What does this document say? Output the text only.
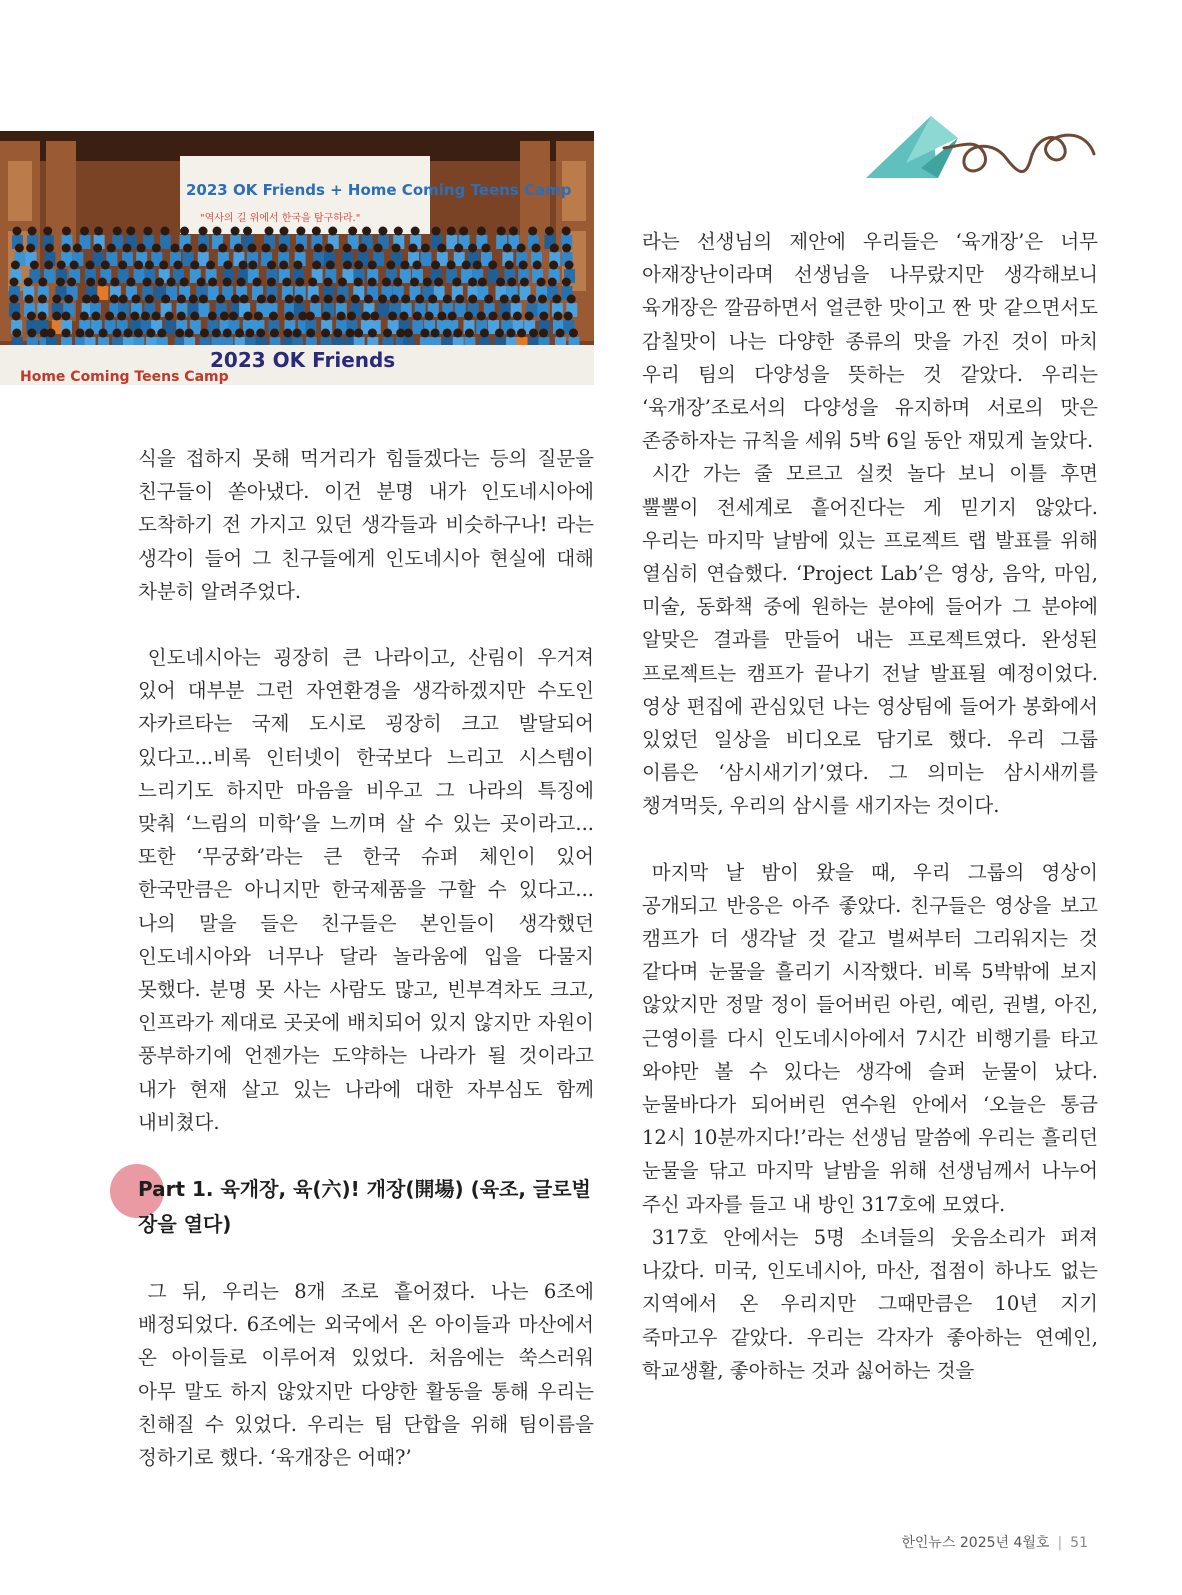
2023 OK Friends + Home Coming Teens Camp
"역사의 길 위에서 한국을 탐구하라."
2023 OK Friends
Home Coming Teens Camp

식을 접하지 못해 먹거리가 힘들겠다는 등의 질문을 친구들이 쏟아냈다. 이건 분명 내가 인도네시아에 도착하기 전 가지고 있던 생각들과 비슷하구나! 라는 생각이 들어 그 친구들에게 인도네시아 현실에 대해 차분히 알려주었다.

인도네시아는 굉장히 큰 나라이고, 산림이 우거져 있어 대부분 그런 자연환경을 생각하겠지만 수도인 자카르타는 국제 도시로 굉장히 크고 발달되어 있다고...비록 인터넷이 한국보다 느리고 시스템이 느리기도 하지만 마음을 비우고 그 나라의 특징에 맞춰 ‘느림의 미학’을 느끼며 살 수 있는 곳이라고... 또한 ‘무궁화’라는 큰 한국 슈퍼 체인이 있어 한국만큼은 아니지만 한국제품을 구할 수 있다고... 나의 말을 들은 친구들은 본인들이 생각했던 인도네시아와 너무나 달라 놀라움에 입을 다물지 못했다. 분명 못 사는 사람도 많고, 빈부격차도 크고, 인프라가 제대로 곳곳에 배치되어 있지 않지만 자원이 풍부하기에 언젠가는 도약하는 나라가 될 것이라고 내가 현재 살고 있는 나라에 대한 자부심도 함께 내비쳤다.

Part 1. 육개장, 육(六)! 개장(開場) (육조, 글로벌장을 열다)

그 뒤, 우리는 8개 조로 흩어졌다. 나는 6조에 배정되었다. 6조에는 외국에서 온 아이들과 마산에서 온 아이들로 이루어져 있었다. 처음에는 쑥스러워 아무 말도 하지 않았지만 다양한 활동을 통해 우리는 친해질 수 있었다. 우리는 팀 단합을 위해 팀이름을 정하기로 했다. ‘육개장은 어때?’

라는 선생님의 제안에 우리들은 ‘육개장’은 너무 아재장난이라며 선생님을 나무랐지만 생각해보니 육개장은 깔끔하면서 얼큰한 맛이고 짠 맛 같으면서도 감칠맛이 나는 다양한 종류의 맛을 가진 것이 마치 우리 팀의 다양성을 뜻하는 것 같았다. 우리는 ‘육개장’조로서의 다양성을 유지하며 서로의 맛은 존중하자는 규칙을 세워 5박 6일 동안 재밌게 놀았다.

시간 가는 줄 모르고 실컷 놀다 보니 이틀 후면 뿔뿔이 전세계로 흩어진다는 게 믿기지 않았다. 우리는 마지막 날밤에 있는 프로젝트 랩 발표를 위해 열심히 연습했다. ‘Project Lab’은 영상, 음악, 마임, 미술, 동화책 중에 원하는 분야에 들어가 그 분야에 알맞은 결과를 만들어 내는 프로젝트였다. 완성된 프로젝트는 캠프가 끝나기 전날 발표될 예정이었다. 영상 편집에 관심있던 나는 영상팀에 들어가 봉화에서 있었던 일상을 비디오로 담기로 했다. 우리 그룹 이름은 ‘삼시새기기’였다. 그 의미는 삼시새끼를 챙겨먹듯, 우리의 삼시를 새기자는 것이다.

마지막 날 밤이 왔을 때, 우리 그룹의 영상이 공개되고 반응은 아주 좋았다. 친구들은 영상을 보고 캠프가 더 생각날 것 같고 벌써부터 그리워지는 것 같다며 눈물을 흘리기 시작했다. 비록 5박밖에 보지 않았지만 정말 정이 들어버린 아린, 예린, 권별, 아진, 근영이를 다시 인도네시아에서 7시간 비행기를 타고 와야만 볼 수 있다는 생각에 슬퍼 눈물이 났다. 눈물바다가 되어버린 연수원 안에서 ‘오늘은 통금 12시 10분까지다!’라는 선생님 말씀에 우리는 흘리던 눈물을 닦고 마지막 날밤을 위해 선생님께서 나누어 주신 과자를 들고 내 방인 317호에 모였다.

317호 안에서는 5명 소녀들의 웃음소리가 퍼져 나갔다. 미국, 인도네시아, 마산, 접점이 하나도 없는 지역에서 온 우리지만 그때만큼은 10년 지기 죽마고우 같았다. 우리는 각자가 좋아하는 연예인, 학교생활, 좋아하는 것과 싫어하는 것을

한인뉴스 2025년 4월호 | 51
